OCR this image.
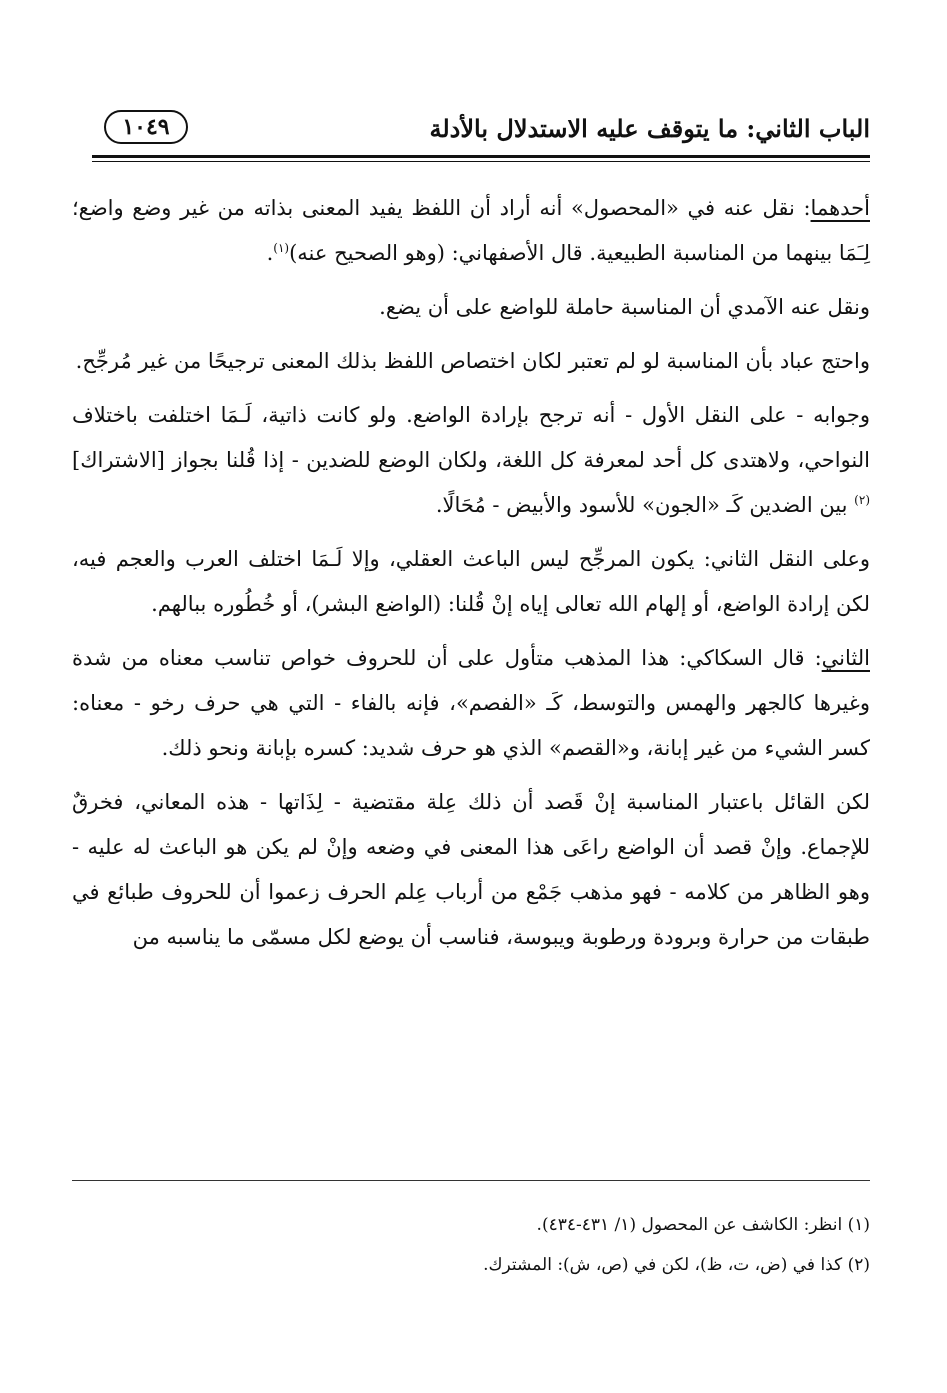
الباب الثاني: ما يتوقف عليه الاستدلال بالأدلة
١٠٤٩

أحدهما: نقل عنه في «المحصول» أنه أراد أن اللفظ يفيد المعنى بذاته من غير وضع واضع؛ لِـَمَا بينهما من المناسبة الطبيعية. قال الأصفهاني: (وهو الصحيح عنه)$^{(١)}$.

ونقل عنه الآمدي أن المناسبة حاملة للواضع على أن يضع.

واحتج عباد بأن المناسبة لو لم تعتبر لكان اختصاص اللفظ بذلك المعنى ترجيحًا من غير مُرجِّح.

وجوابه - على النقل الأول - أنه ترجح بإرادة الواضع. ولو كانت ذاتية، لَـمَا اختلفت باختلاف النواحي، ولاهتدى كل أحد لمعرفة كل اللغة، ولكان الوضع للضدين - إذا قُلنا بجواز [الاشتراك]$^{(٢)}$ بين الضدين كَـ «الجون» للأسود والأبيض - مُحَالًا.

وعلى النقل الثاني: يكون المرجِّح ليس الباعث العقلي، وإلا لَـمَا اختلف العرب والعجم فيه، لكن إرادة الواضع، أو إلهام الله تعالى إياه إنْ قُلنا: (الواضع البشر)، أو خُطُوره ببالهم.

الثاني: قال السكاكي: هذا المذهب متأول على أن للحروف خواص تناسب معناه من شدة وغيرها كالجهر والهمس والتوسط، كَـ «الفصم»، فإنه بالفاء - التي هي حرف رخو - معناه: كسر الشيء من غير إبانة، و«القصم» الذي هو حرف شديد: كسره بإبانة ونحو ذلك.

لكن القائل باعتبار المناسبة إنْ قَصد أن ذلك عِلة مقتضية - لِذَاتها - هذه المعاني، فخرقٌ للإجماع. وإنْ قصد أن الواضع راعَى هذا المعنى في وضعه وإنْ لم يكن هو الباعث له عليه - وهو الظاهر من كلامه - فهو مذهب جَمْع من أرباب عِلم الحرف زعموا أن للحروف طبائع في طبقات من حرارة وبرودة ورطوبة ويبوسة، فناسب أن يوضع لكل مسمّى ما يناسبه من

(١) انظر: الكاشف عن المحصول (١/ ٤٣١-٤٣٤).
(٢) كذا في (ض، ت، ظ)، لكن في (ص، ش): المشترك.
